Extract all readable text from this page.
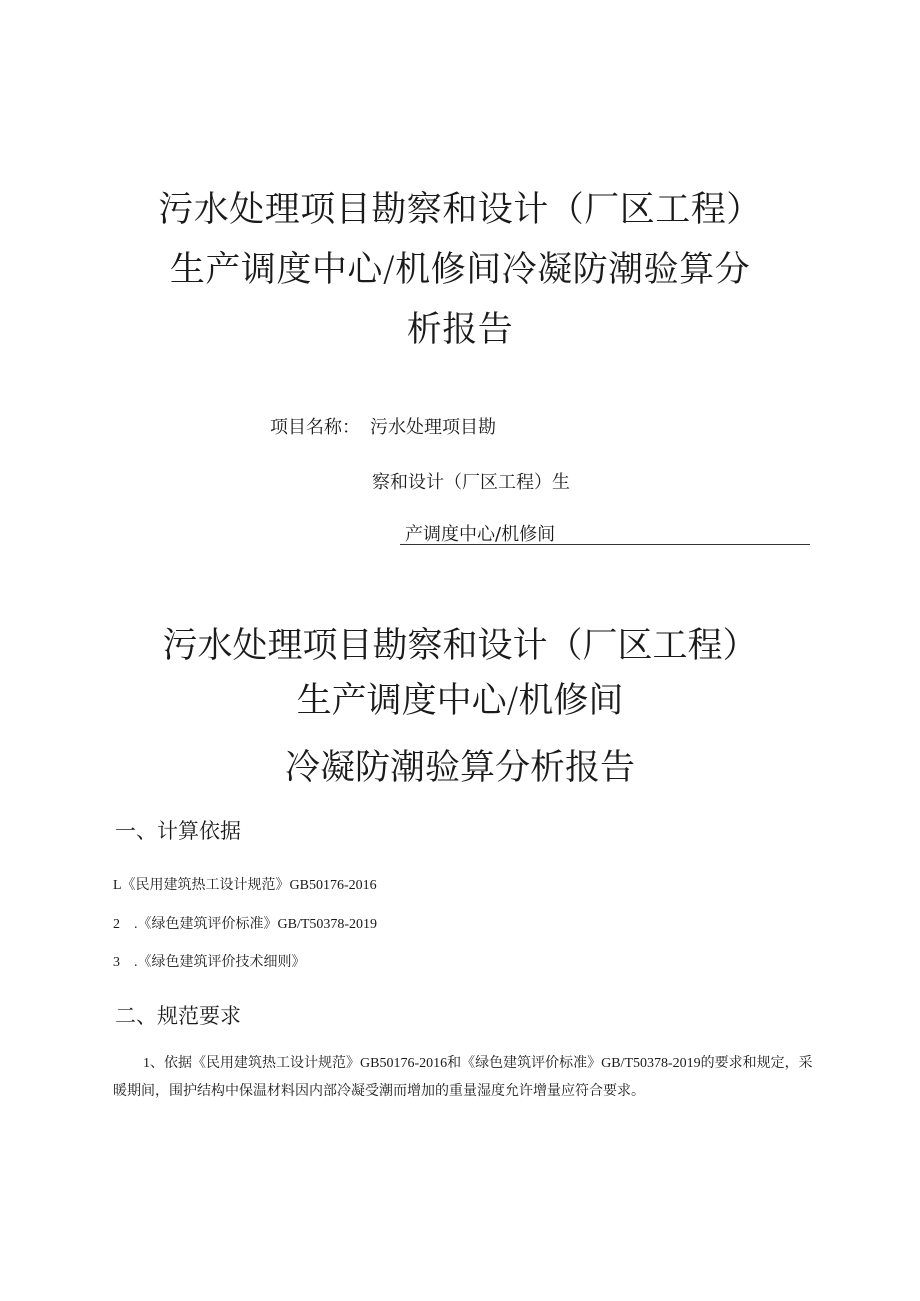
污水处理项目勘察和设计（厂区工程）
生产调度中心/机修间冷凝防潮验算分
析报告
项目名称： 污水处理项目勘
察和设计（厂区工程）生
产调度中心/机修间
污水处理项目勘察和设计（厂区工程）
生产调度中心/机修间
冷凝防潮验算分析报告
一、计算依据
L《民用建筑热工设计规范》GB50176-2016
2　.《绿色建筑评价标准》GB/T50378-2019
3　.《绿色建筑评价技术细则》
二、规范要求
1、依据《民用建筑热工设计规范》GB50176-2016和《绿色建筑评价标准》GB/T50378-2019的要求和规定，采暖期间，围护结构中保温材料因内部冷凝受潮而增加的重量湿度允许增量应符合要求。
